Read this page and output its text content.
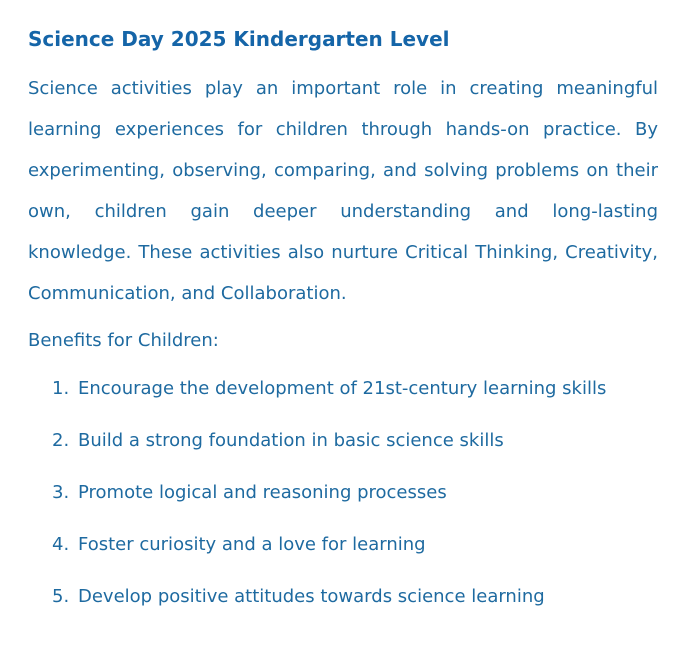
Science Day 2025 Kindergarten Level

Science activities play an important role in creating meaningful learning experiences for children through hands-on practice. By experimenting, observing, comparing, and solving problems on their own, children gain deeper understanding and long-lasting knowledge. These activities also nurture Critical Thinking, Creativity, Communication, and Collaboration.

Benefits for Children:
1. Encourage the development of 21st-century learning skills
2. Build a strong foundation in basic science skills
3. Promote logical and reasoning processes
4. Foster curiosity and a love for learning
5. Develop positive attitudes towards science learning
